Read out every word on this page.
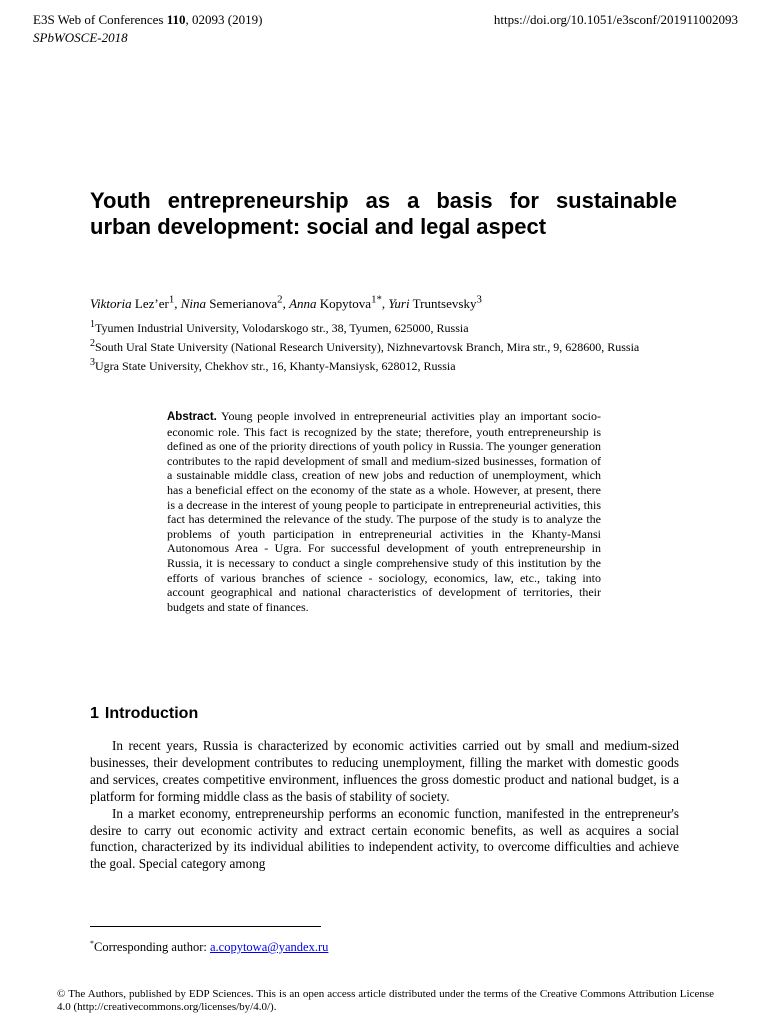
E3S Web of Conferences 110, 02093 (2019)
SPbWOSCE-2018
https://doi.org/10.1051/e3sconf/201911002093
Youth entrepreneurship as a basis for sustainable urban development: social and legal aspect
Viktoria $Lez’er^1$, Nina Semerianova$^2$, Anna Kopytova$^{1*}$, Yuri Truntsevsky$^3$

$^1$Tyumen Industrial University, Volodarskogo str., 38, Tyumen, 625000, Russia

$^2$South Ural State University (National Research University), Nizhnevartovsk Branch, Mira str., 9, 628600, Russia

$^3$Ugra State University, Chekhov str., 16, Khanty-Mansiysk, 628012, Russia

Abstract. Young people involved in entrepreneurial activities play an important socio-economic role. This fact is recognized by the state; therefore, youth entrepreneurship is defined as one of the priority directions of youth policy in Russia. The younger generation contributes to the rapid development of small and medium-sized businesses, formation of a sustainable middle class, creation of new jobs and reduction of unemployment, which has a beneficial effect on the economy of the state as a whole. However, at present, there is a decrease in the interest of young people to participate in entrepreneurial activities, this fact has determined the relevance of the study. The purpose of the study is to analyze the problems of youth participation in entrepreneurial activities in the Khanty-Mansi Autonomous Area - Ugra. For successful development of youth entrepreneurship in Russia, it is necessary to conduct a single comprehensive study of this institution by the efforts of various branches of science - sociology, economics, law, etc., taking into account geographical and national characteristics of development of territories, their budgets and state of finances.
1 Introduction

In recent years, Russia is characterized by economic activities carried out by small and medium-sized businesses, their development contributes to reducing unemployment, filling the market with domestic goods and services, creates competitive environment, influences the gross domestic product and national budget, is a platform for forming middle class as the basis of stability of society.

In a market economy, entrepreneurship performs an economic function, manifested in the entrepreneur's desire to carry out economic activity and extract certain economic benefits, as well as acquires a social function, characterized by its individual abilities to independent activity, to overcome difficulties and achieve the goal. Special category among

*Corresponding author: a.copytowa@yandex.ru
© The Authors, published by EDP Sciences. This is an open access article distributed under the terms of the Creative Commons Attribution License 4.0 (http://creativecommons.org/licenses/by/4.0/).
